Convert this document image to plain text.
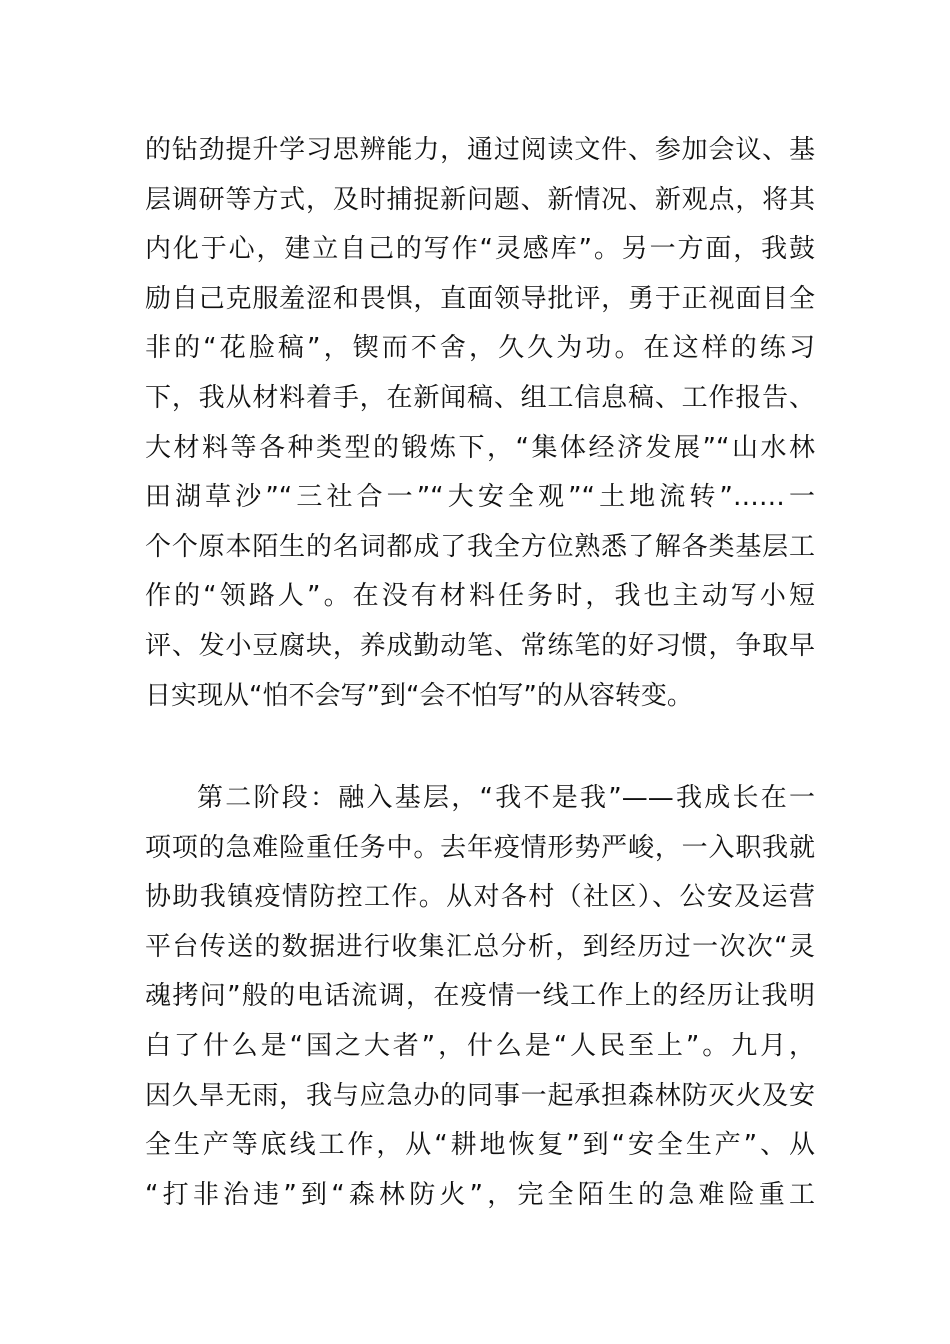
的钻劲提升学习思辨能力，通过阅读文件、参加会议、基
层调研等方式，及时捕捉新问题、新情况、新观点，将其
内化于心，建立自己的写作“灵感库”。另一方面，我鼓
励自己克服羞涩和畏惧，直面领导批评，勇于正视面目全
非的“花脸稿”，锲而不舍，久久为功。在这样的练习
下，我从材料着手，在新闻稿、组工信息稿、工作报告、
大材料等各种类型的锻炼下，“集体经济发展”“山水林
田湖草沙”“三社合一”“大安全观”“土地流转”……一
个个原本陌生的名词都成了我全方位熟悉了解各类基层工
作的“领路人”。在没有材料任务时，我也主动写小短
评、发小豆腐块，养成勤动笔、常练笔的好习惯，争取早
日实现从“怕不会写”到“会不怕写”的从容转变。
第二阶段：融入基层，“我不是我”——我成长在一
项项的急难险重任务中。去年疫情形势严峻，一入职我就
协助我镇疫情防控工作。从对各村（社区）、公安及运营
平台传送的数据进行收集汇总分析，到经历过一次次“灵
魂拷问”般的电话流调，在疫情一线工作上的经历让我明
白了什么是“国之大者”，什么是“人民至上”。九月，
因久旱无雨，我与应急办的同事一起承担森林防灭火及安
全生产等底线工作，从“耕地恢复”到“安全生产”、从
“打非治违”到“森林防火”，完全陌生的急难险重工
